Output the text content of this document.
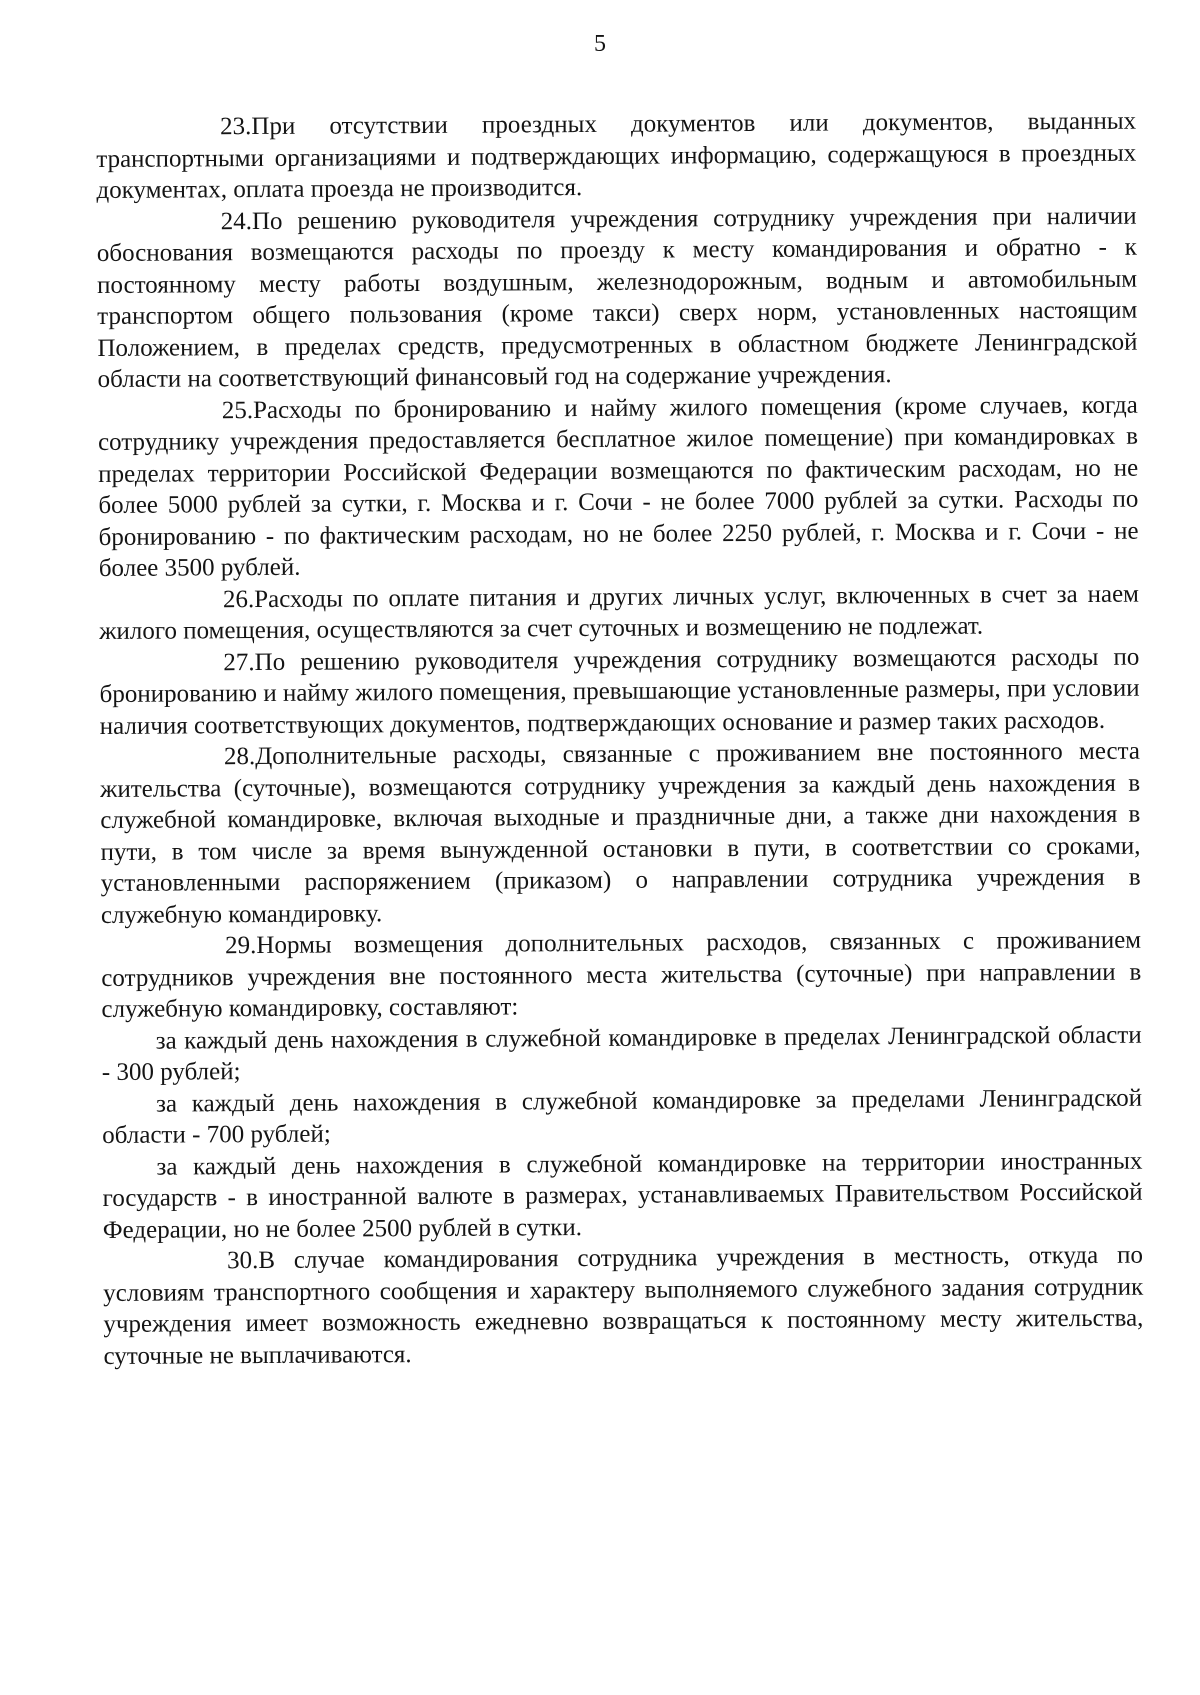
5

23.При отсутствии проездных документов или документов, выданных транспортными организациями и подтверждающих информацию, содержащуюся в проездных документах, оплата проезда не производится.

24.По решению руководителя учреждения сотруднику учреждения при наличии обоснования возмещаются расходы по проезду к месту командирования и обратно - к постоянному месту работы воздушным, железнодорожным, водным и автомобильным транспортом общего пользования (кроме такси) сверх норм, установленных настоящим Положением, в пределах средств, предусмотренных в областном бюджете Ленинградской области на соответствующий финансовый год на содержание учреждения.

25.Расходы по бронированию и найму жилого помещения (кроме случаев, когда сотруднику учреждения предоставляется бесплатное жилое помещение) при командировках в пределах территории Российской Федерации возмещаются по фактическим расходам, но не более 5000 рублей за сутки, г. Москва и г. Сочи - не более 7000 рублей за сутки. Расходы по бронированию - по фактическим расходам, но не более 2250 рублей, г. Москва и г. Сочи - не более 3500 рублей.

26.Расходы по оплате питания и других личных услуг, включенных в счет за наем жилого помещения, осуществляются за счет суточных и возмещению не подлежат.

27.По решению руководителя учреждения сотруднику возмещаются расходы по бронированию и найму жилого помещения, превышающие установленные размеры, при условии наличия соответствующих документов, подтверждающих основание и размер таких расходов.

28.Дополнительные расходы, связанные с проживанием вне постоянного места жительства (суточные), возмещаются сотруднику учреждения за каждый день нахождения в служебной командировке, включая выходные и праздничные дни, а также дни нахождения в пути, в том числе за время вынужденной остановки в пути, в соответствии со сроками, установленными распоряжением (приказом) о направлении сотрудника учреждения в служебную командировку.

29.Нормы возмещения дополнительных расходов, связанных с проживанием сотрудников учреждения вне постоянного места жительства (суточные) при направлении в служебную командировку, составляют:

за каждый день нахождения в служебной командировке в пределах Ленинградской области - 300 рублей;

за каждый день нахождения в служебной командировке за пределами Ленинградской области - 700 рублей;

за каждый день нахождения в служебной командировке на территории иностранных государств - в иностранной валюте в размерах, устанавливаемых Правительством Российской Федерации, но не более 2500 рублей в сутки.

30.В случае командирования сотрудника учреждения в местность, откуда по условиям транспортного сообщения и характеру выполняемого служебного задания сотрудник учреждения имеет возможность ежедневно возвращаться к постоянному месту жительства, суточные не выплачиваются.
